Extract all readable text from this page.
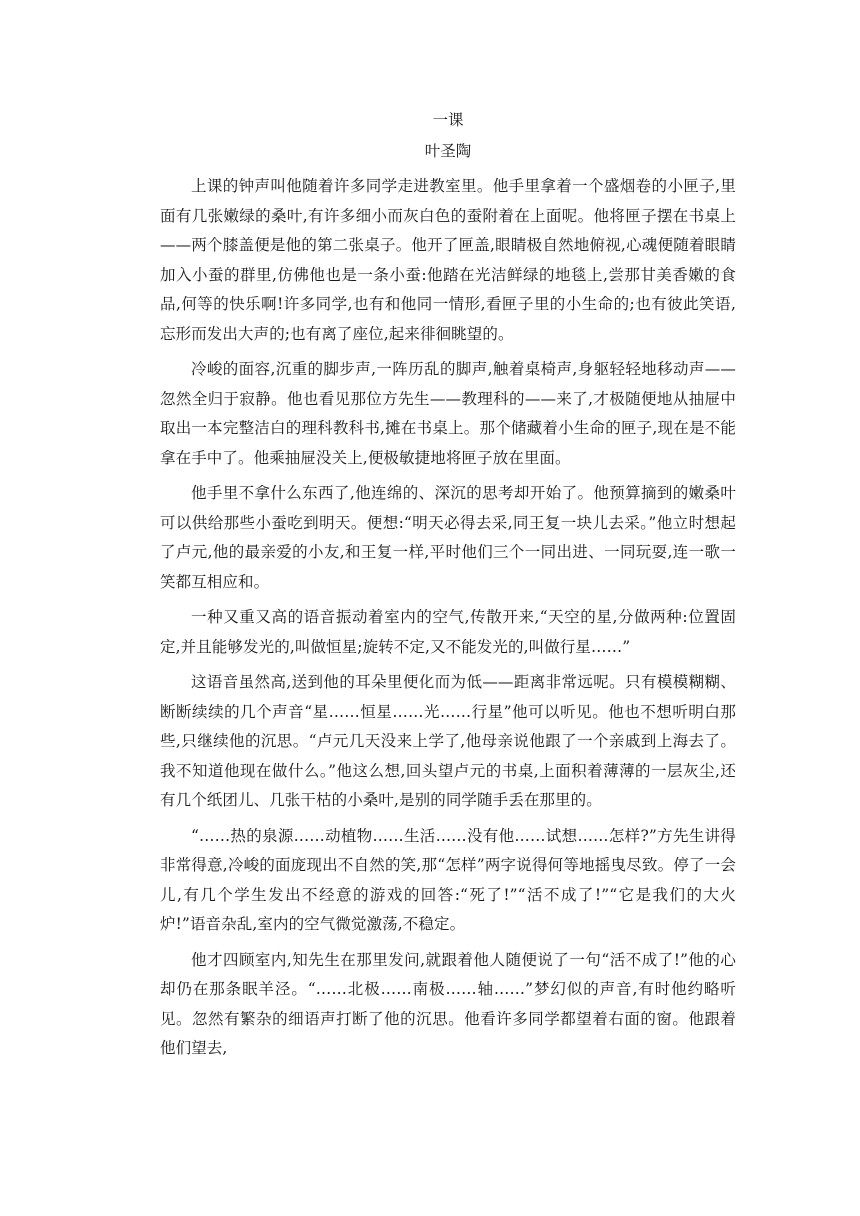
一课

叶圣陶

上课的钟声叫他随着许多同学走进教室里。他手里拿着一个盛烟卷的小匣子,里面有几张嫩绿的桑叶,有许多细小而灰白色的蚕附着在上面呢。他将匣子摆在书桌上——两个膝盖便是他的第二张桌子。他开了匣盖,眼睛极自然地俯视,心魂便随着眼睛加入小蚕的群里,仿佛他也是一条小蚕:他踏在光洁鲜绿的地毯上,尝那甘美香嫩的食品,何等的快乐啊!许多同学,也有和他同一情形,看匣子里的小生命的;也有彼此笑语,忘形而发出大声的;也有离了座位,起来徘徊眺望的。

冷峻的面容,沉重的脚步声,一阵历乱的脚声,触着桌椅声,身躯轻轻地移动声——忽然全归于寂静。他也看见那位方先生——教理科的——来了,才极随便地从抽屉中取出一本完整洁白的理科教科书,摊在书桌上。那个储藏着小生命的匣子,现在是不能拿在手中了。他乘抽屉没关上,便极敏捷地将匣子放在里面。

他手里不拿什么东西了,他连绵的、深沉的思考却开始了。他预算摘到的嫩桑叶可以供给那些小蚕吃到明天。便想:“明天必得去采,同王复一块儿去采。”他立时想起了卢元,他的最亲爱的小友,和王复一样,平时他们三个一同出进、一同玩耍,连一歌一笑都互相应和。

一种又重又高的语音振动着室内的空气,传散开来,“天空的星,分做两种:位置固定,并且能够发光的,叫做恒星;旋转不定,又不能发光的,叫做行星……”

这语音虽然高,送到他的耳朵里便化而为低——距离非常远呢。只有模模糊糊、断断续续的几个声音“星……恒星……光……行星”他可以听见。他也不想听明白那些,只继续他的沉思。“卢元几天没来上学了,他母亲说他跟了一个亲戚到上海去了。我不知道他现在做什么。”他这么想,回头望卢元的书桌,上面积着薄薄的一层灰尘,还有几个纸团儿、几张干枯的小桑叶,是别的同学随手丢在那里的。

“……热的泉源……动植物……生活……没有他……试想……怎样?”方先生讲得非常得意,冷峻的面庞现出不自然的笑,那“怎样”两字说得何等地摇曳尽致。停了一会儿,有几个学生发出不经意的游戏的回答:“死了!”“活不成了!”“它是我们的大火炉!”语音杂乱,室内的空气微觉激荡,不稳定。

他才四顾室内,知先生在那里发问,就跟着他人随便说了一句“活不成了!”他的心却仍在那条眠羊泾。“……北极……南极……轴……”梦幻似的声音,有时他约略听见。忽然有繁杂的细语声打断了他的沉思。他看许多同学都望着右面的窗。他跟着他们望去,
